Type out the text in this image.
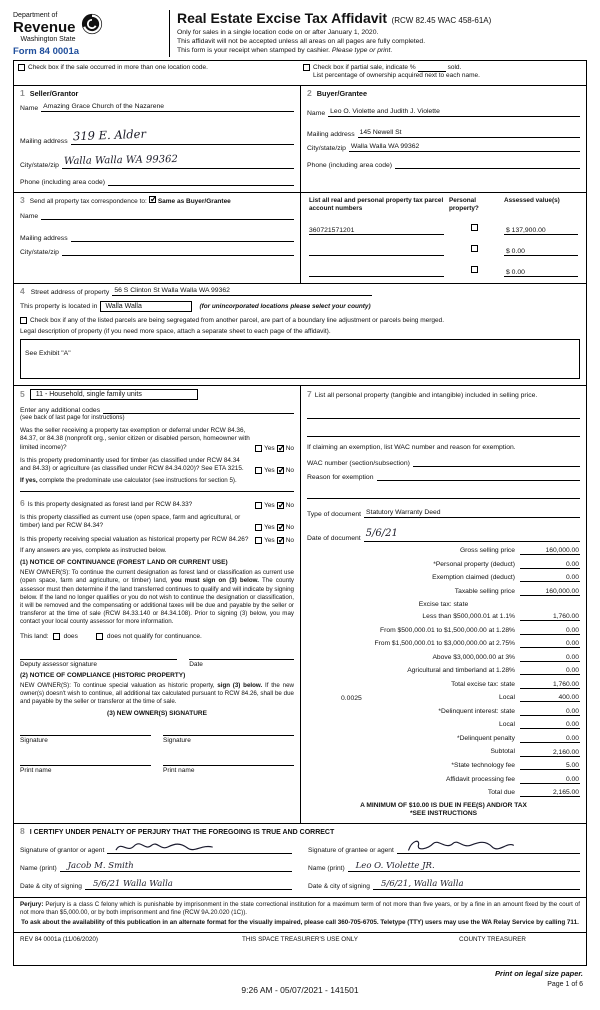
Department of
Revenue
Washington State
Form 84 0001a
Real Estate Excise Tax Affidavit (RCW 82.45 WAC 458-61A)
Only for sales in a single location code on or after January 1, 2020.
This affidavit will not be accepted unless all areas on all pages are fully completed.
This form is your receipt when stamped by cashier. Please type or print.
Check box if the sale occurred in more than one location code.	Check box if partial sale, indicate %	sold.
List percentage of ownership acquired next to each name.
1 Seller/Grantor
Name Amazing Grace Church of the Nazarene
Mailing address 319 E. Alder
City/state/zip Walla Walla WA 99362
Phone (including area code)
2 Buyer/Grantee
Name Leo O. Violette and Judith J. Violette
Mailing address 145 Newell St
City/state/zip Walla Walla WA 99362
Phone (including area code)
3 Send all property tax correspondence to: ✓ Same as Buyer/Grantee
Name
Mailing address
City/state/zip
List all real and personal property tax parcel account numbers
Personal property?
Assessed value(s)
360721571201	$ 137,900.00
$ 0.00
$ 0.00
4 Street address of property 56 S Clinton St Walla Walla WA 99362
This property is located in	Walla Walla	(for unincorporated locations please select your county)
Check box if any of the listed parcels are being segregated from another parcel, are part of a boundary line adjustment or parcels being merged.
Legal description of property (if you need more space, attach a separate sheet to each page of the affidavit).
See Exhibit "A"
5	11 - Household, single family units
Enter any additional codes
(see back of last page for instructions)

Was the seller receiving a property tax exemption or deferral under RCW 84.36, 84.37, or 84.38 (nonprofit org., senior citizen or disabled person, homeowner with limited income)?	Yes ✓ No

Is this property predominantly used for timber (as classified under RCW 84.34 and 84.33) or agriculture (as classified under RCW 84.34.020)? See ETA 3215.	Yes ✓ No
If yes, complete the predominate use calculator (see instructions for section 5).

6 Is this property designated as forest land per RCW 84.33?	Yes ✓ No

Is this property classified as current use (open space, farm and agricultural, or timber) land per RCW 84.34?	Yes ✓ No

Is this property receiving special valuation as historical property per RCW 84.26? Yes ✓ No
If any answers are yes, complete as instructed below.
(1) NOTICE OF CONTINUANCE (FOREST LAND OR CURRENT USE)
NEW OWNER(S): To continue the current designation as forest land or classification as current use (open space, farm and agriculture, or timber) land, you must sign on (3) below. The county assessor must then determine if the land transferred continues to qualify and will indicate by signing below. If the land no longer qualifies or you do not wish to continue the designation or classification, it will be removed and the compensating or additional taxes will be due and payable by the seller or transferor at the time of sale (RCW 84.33.140 or 84.34.108). Prior to signing (3) below, you may contact your local county assessor for more information.
This land: does	does not qualify for continuance.
Deputy assessor signature	Date
(2) NOTICE OF COMPLIANCE (HISTORIC PROPERTY)
NEW OWNER(S): To continue special valuation as historic property, sign (3) below. If the new owner(s) doesn't wish to continue, all additional tax calculated pursuant to RCW 84.26, shall be due and payable by the seller or transferor at the time of sale.
(3) NEW OWNER(S) SIGNATURE
Signature	Signature
Print name	Print name

7 List all personal property (tangible and intangible) included in selling price.

If claiming an exemption, list WAC number and reason for exemption.
WAC number (section/subsection)
Reason for exemption
Type of document Statutory Warranty Deed
Date of document 5/6/21
Gross selling price	160,000.00
*Personal property (deduct)	0.00
Exemption claimed (deduct)	0.00
Taxable selling price	160,000.00
Excise tax: state
Less than $500,000.01 at 1.1%	1,760.00
From $500,000.01 to $1,500,000.00 at 1.28%	0.00
From $1,500,000.01 to $3,000,000.00 at 2.75%	0.00
Above $3,000,000.00 at 3%	0.00
Agricultural and timberland at 1.28%	0.00
Total excise tax: state	1,760.00
0.0025	Local	400.00
*Delinquent interest: state	0.00
Local	0.00
*Delinquent penalty	0.00
Subtotal	2,160.00
*State technology fee	5.00
Affidavit processing fee	0.00
Total due	2,165.00
A MINIMUM OF $10.00 IS DUE IN FEE(S) AND/OR TAX
*SEE INSTRUCTIONS
8 I CERTIFY UNDER PENALTY OF PERJURY THAT THE FOREGOING IS TRUE AND CORRECT
Signature of grantor or agent
Name (print) Jacob M. Smith
Date & city of signing 5/6/21 Walla Walla
Signature of grantee or agent
Name (print) Leo O. Violette JR.
Date & city of signing 5/6/21, Walla Walla
Perjury: Perjury is a class C felony which is punishable by imprisonment in the state correctional institution for a maximum term of not more than five years, or by a fine in an amount fixed by the court of not more than $5,000.00, or by both imprisonment and fine (RCW 9A.20.020 (1C)).
To ask about the availability of this publication in an alternate format for the visually impaired, please call 360-705-6705. Teletype (TTY) users may use the WA Relay Service by calling 711.
REV 84 0001a (11/06/2020)	THIS SPACE TREASURER'S USE ONLY	COUNTY TREASURER
9:26 AM - 05/07/2021 - 141501
Print on legal size paper.
Page 1 of 6
